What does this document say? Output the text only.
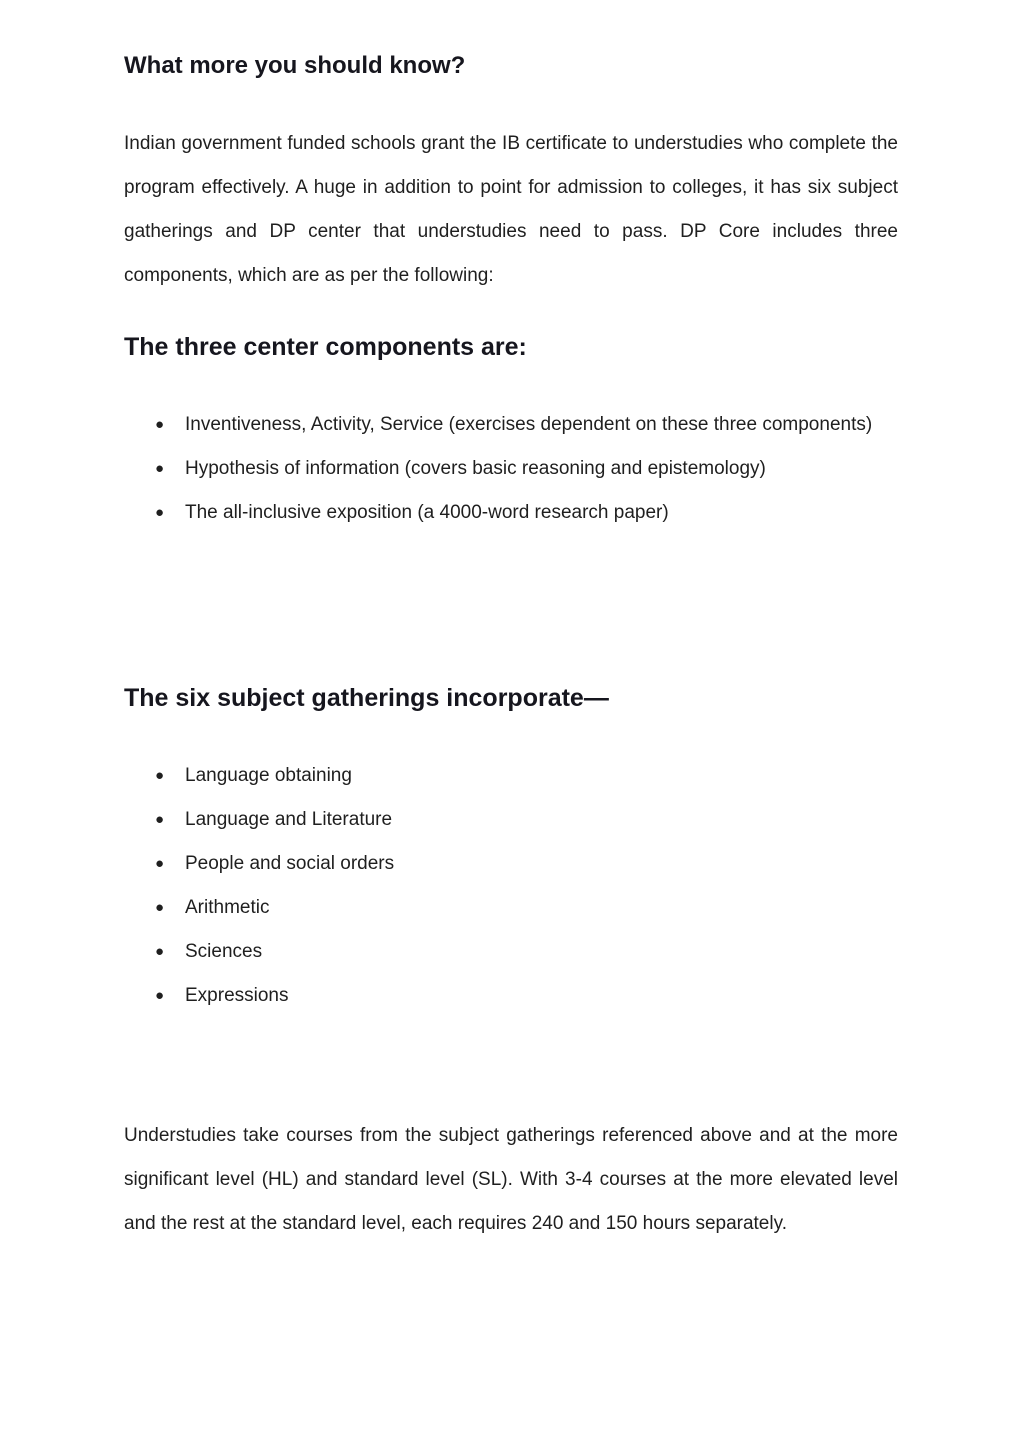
What more you should know?

Indian government funded schools grant the IB certificate to understudies who complete the program effectively. A huge in addition to point for admission to colleges, it has six subject gatherings and DP center that understudies need to pass. DP Core includes three components, which are as per the following:

The three center components are:
● Inventiveness, Activity, Service (exercises dependent on these three components)
● Hypothesis of information (covers basic reasoning and epistemology)
● The all-inclusive exposition (a 4000-word research paper)
The six subject gatherings incorporate—
● Language obtaining
● Language and Literature
● People and social orders
● Arithmetic
● Sciences
● Expressions

Understudies take courses from the subject gatherings referenced above and at the more significant level (HL) and standard level (SL). With 3-4 courses at the more elevated level and the rest at the standard level, each requires 240 and 150 hours separately.
